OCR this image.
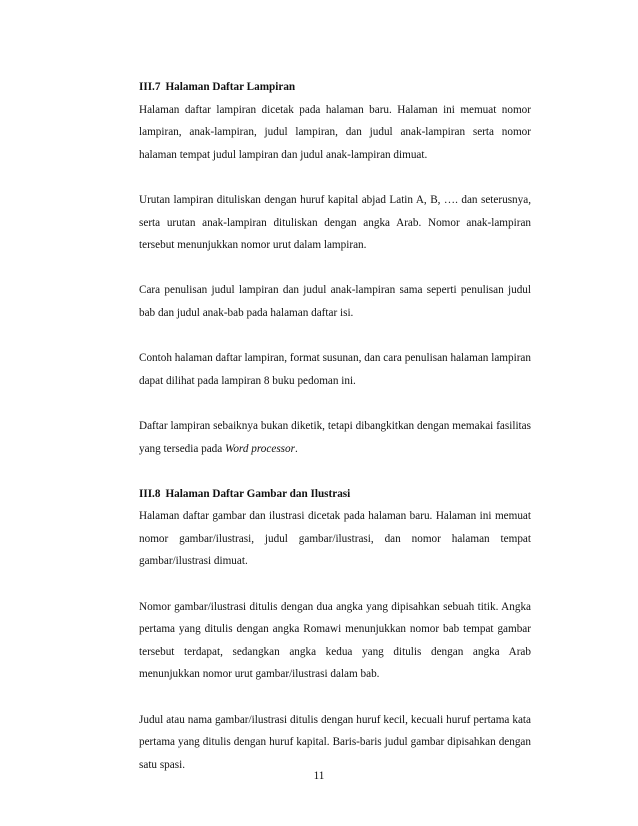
III.7 Halaman Daftar Lampiran

Halaman daftar lampiran dicetak pada halaman baru. Halaman ini memuat nomor lampiran, anak-lampiran, judul lampiran, dan judul anak-lampiran serta nomor halaman tempat judul lampiran dan judul anak-lampiran dimuat.

Urutan lampiran dituliskan dengan huruf kapital abjad Latin A, B, …. dan seterusnya, serta urutan anak-lampiran dituliskan dengan angka Arab. Nomor anak-lampiran tersebut menunjukkan nomor urut dalam lampiran.

Cara penulisan judul lampiran dan judul anak-lampiran sama seperti penulisan judul bab dan judul anak-bab pada halaman daftar isi.

Contoh halaman daftar lampiran, format susunan, dan cara penulisan halaman lampiran dapat dilihat pada lampiran 8 buku pedoman ini.

Daftar lampiran sebaiknya bukan diketik, tetapi dibangkitkan dengan memakai fasilitas yang tersedia pada Word processor.

III.8 Halaman Daftar Gambar dan Ilustrasi

Halaman daftar gambar dan ilustrasi dicetak pada halaman baru. Halaman ini memuat nomor gambar/ilustrasi, judul gambar/ilustrasi, dan nomor halaman tempat gambar/ilustrasi dimuat.

Nomor gambar/ilustrasi ditulis dengan dua angka yang dipisahkan sebuah titik. Angka pertama yang ditulis dengan angka Romawi menunjukkan nomor bab tempat gambar tersebut terdapat, sedangkan angka kedua yang ditulis dengan angka Arab menunjukkan nomor urut gambar/ilustrasi dalam bab.

Judul atau nama gambar/ilustrasi ditulis dengan huruf kecil, kecuali huruf pertama kata pertama yang ditulis dengan huruf kapital. Baris-baris judul gambar dipisahkan dengan satu spasi.

11
